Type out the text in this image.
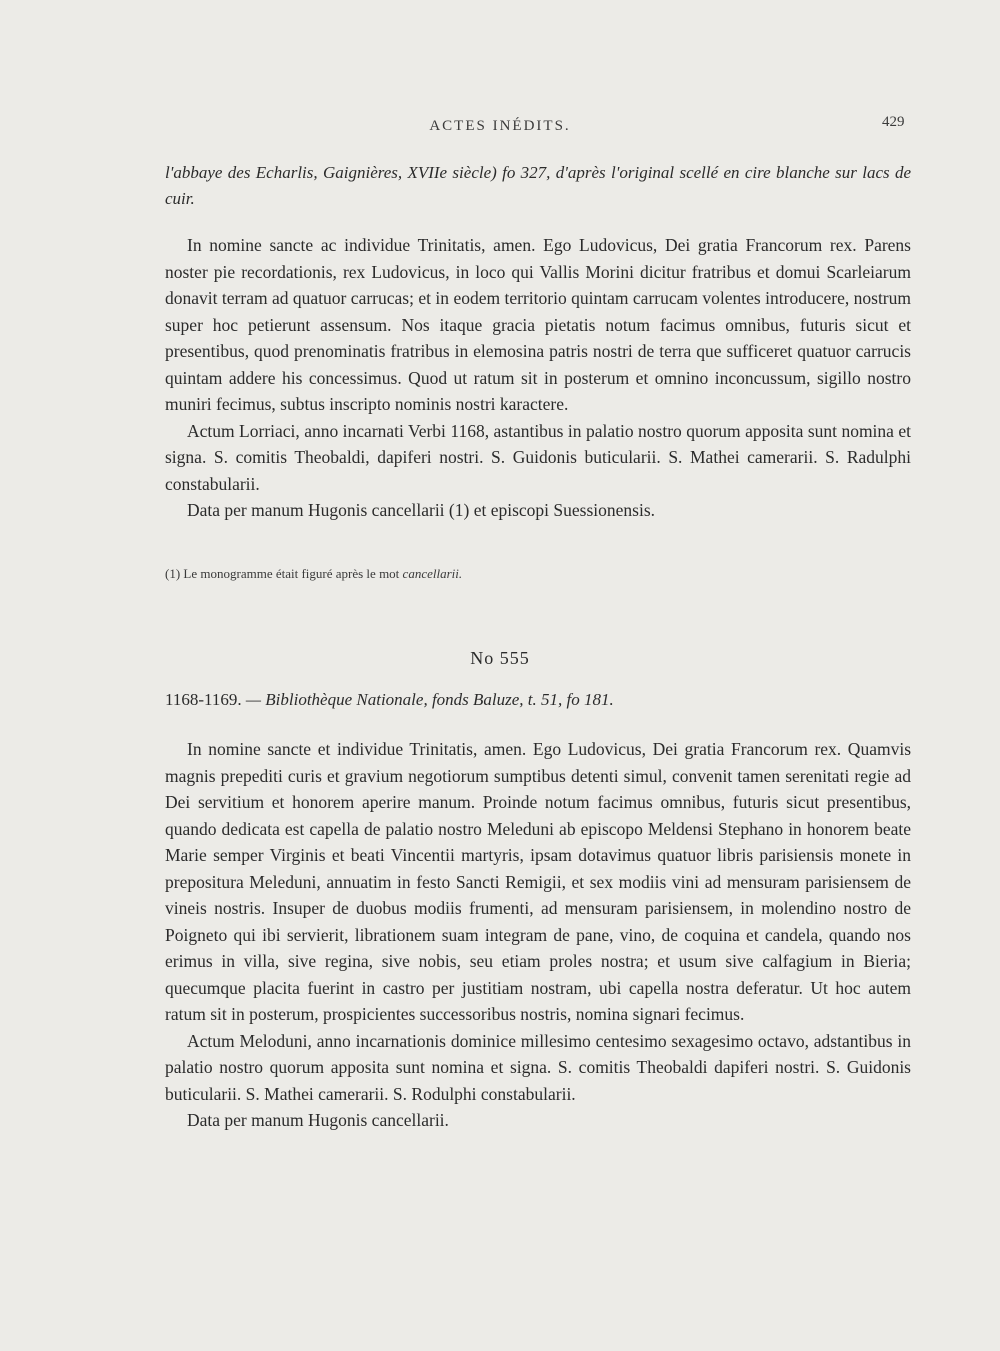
ACTES INÉDITS.	429
l'abbaye des Echarlis, Gaignières, XVIIe siècle) fo 327, d'après l'original scellé en cire blanche sur lacs de cuir.

In nomine sancte ac individue Trinitatis, amen. Ego Ludovicus, Dei gratia Francorum rex. Parens noster pie recordationis, rex Ludovicus, in loco qui Vallis Morini dicitur fratribus et domui Scarleiarum donavit terram ad quatuor carrucas; et in eodem territorio quintam carrucam volentes introducere, nostrum super hoc petierunt assensum. Nos itaque gracia pietatis notum facimus omnibus, futuris sicut et presentibus, quod prenominatis fratribus in elemosina patris nostri de terra que sufficeret quatuor carrucis quintam addere his concessimus. Quod ut ratum sit in posterum et omnino inconcussum, sigillo nostro muniri fecimus, subtus inscripto nominis nostri karactere.

Actum Lorriaci, anno incarnati Verbi 1168, astantibus in palatio nostro quorum apposita sunt nomina et signa. S. comitis Theobaldi, dapiferi nostri. S. Guidonis buticularii. S. Mathei camerarii. S. Radulphi constabularii.

Data per manum Hugonis cancellarii (1) et episcopi Suessionensis.

(1) Le monogramme était figuré après le mot cancellarii.
No 555
1168-1169. — Bibliothèque Nationale, fonds Baluze, t. 51, fo 181.

In nomine sancte et individue Trinitatis, amen. Ego Ludovicus, Dei gratia Francorum rex. Quamvis magnis prepediti curis et gravium negotiorum sumptibus detenti simul, convenit tamen serenitati regie ad Dei servitium et honorem aperire manum. Proinde notum facimus omnibus, futuris sicut presentibus, quando dedicata est capella de palatio nostro Meleduni ab episcopo Meldensi Stephano in honorem beate Marie semper Virginis et beati Vincentii martyris, ipsam dotavimus quatuor libris parisiensis monete in prepositura Meleduni, annuatim in festo Sancti Remigii, et sex modiis vini ad mensuram parisiensem de vineis nostris. Insuper de duobus modiis frumenti, ad mensuram parisiensem, in molendino nostro de Poigneto qui ibi servierit, librationem suam integram de pane, vino, de coquina et candela, quando nos erimus in villa, sive regina, sive nobis, seu etiam proles nostra; et usum sive calfagium in Bieria; quecumque placita fuerint in castro per justitiam nostram, ubi capella nostra deferatur. Ut hoc autem ratum sit in posterum, prospicientes successoribus nostris, nomina signari fecimus.

Actum Meloduni, anno incarnationis dominice millesimo centesimo sexagesimo octavo, adstantibus in palatio nostro quorum apposita sunt nomina et signa. S. comitis Theobaldi dapiferi nostri. S. Guidonis buticularii. S. Mathei camerarii. S. Rodulphi constabularii.

Data per manum Hugonis cancellarii.
